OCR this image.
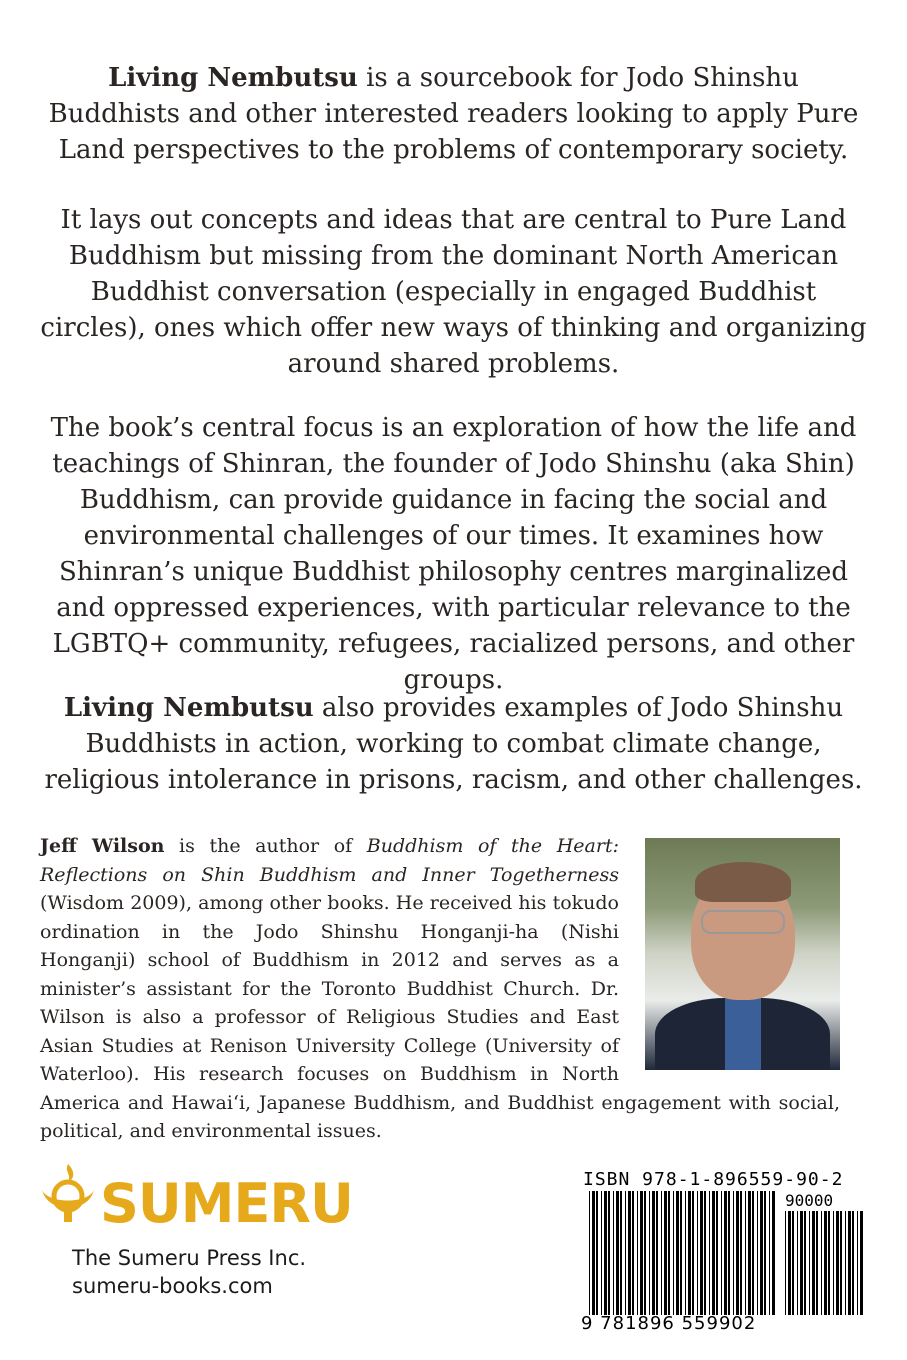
Living Nembutsu is a sourcebook for Jodo Shinshu Buddhists and other interested readers looking to apply Pure Land perspectives to the problems of contemporary society.

It lays out concepts and ideas that are central to Pure Land Buddhism but missing from the dominant North American Buddhist conversation (especially in engaged Buddhist circles), ones which offer new ways of thinking and organizing around shared problems.

The book’s central focus is an exploration of how the life and teachings of Shinran, the founder of Jodo Shinshu (aka Shin) Buddhism, can provide guidance in facing the social and environmental challenges of our times. It examines how Shinran’s unique Buddhist philosophy centres marginalized and oppressed experiences, with particular relevance to the LGBTQ+ community, refugees, racialized persons, and other groups.

Living Nembutsu also provides examples of Jodo Shinshu Buddhists in action, working to combat climate change, religious intolerance in prisons, racism, and other challenges.

Jeff Wilson is the author of Buddhism of the Heart: Reflections on Shin Buddhism and Inner Togetherness (Wisdom 2009), among other books. He received his tokudo ordination in the Jodo Shinshu Honganji-ha (Nishi Honganji) school of Buddhism in 2012 and serves as a minister’s assistant for the Toronto Buddhist Church. Dr. Wilson is also a professor of Religious Studies and East Asian Studies at Renison University College (University of Waterloo). His research focuses on Buddhism in North America and Hawai‘i, Japanese Buddhism, and Buddhist engagement with social, political, and environmental issues.
SUMERU
The Sumeru Press Inc.
sumeru-books.com
ISBN 978-1-896559-90-2
90000
9 781896 559902
